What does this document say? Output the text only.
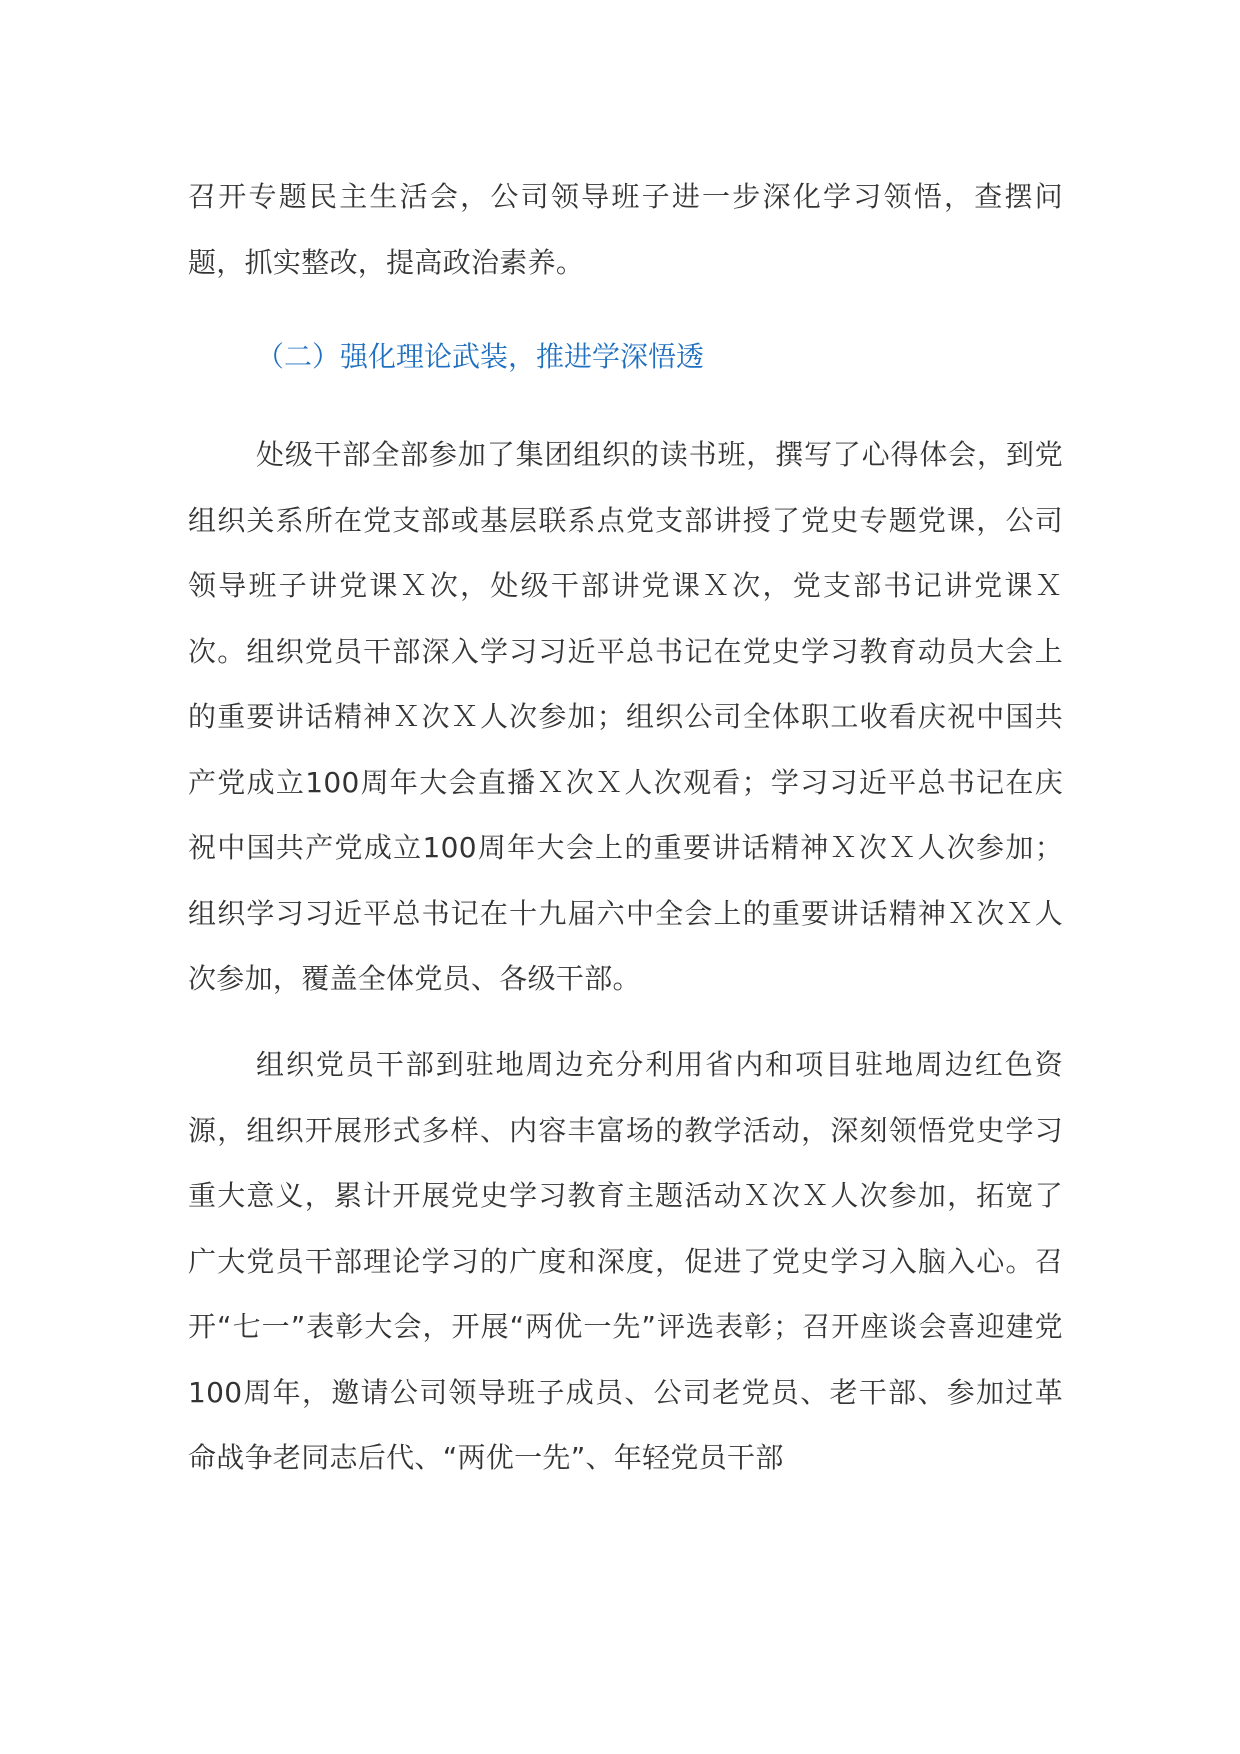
召开专题民主生活会，公司领导班子进一步深化学习领悟，查摆问题，抓实整改，提高政治素养。

（二）强化理论武装，推进学深悟透

处级干部全部参加了集团组织的读书班，撰写了心得体会，到党组织关系所在党支部或基层联系点党支部讲授了党史专题党课，公司领导班子讲党课Ｘ次，处级干部讲党课Ｘ次，党支部书记讲党课Ｘ次。组织党员干部深入学习习近平总书记在党史学习教育动员大会上的重要讲话精神Ｘ次Ｘ人次参加；组织公司全体职工收看庆祝中国共产党成立100周年大会直播Ｘ次Ｘ人次观看；学习习近平总书记在庆祝中国共产党成立100周年大会上的重要讲话精神Ｘ次Ｘ人次参加；组织学习习近平总书记在十九届六中全会上的重要讲话精神Ｘ次Ｘ人次参加，覆盖全体党员、各级干部。

组织党员干部到驻地周边充分利用省内和项目驻地周边红色资源，组织开展形式多样、内容丰富场的教学活动，深刻领悟党史学习重大意义，累计开展党史学习教育主题活动Ｘ次Ｘ人次参加，拓宽了广大党员干部理论学习的广度和深度，促进了党史学习入脑入心。召开“七一”表彰大会，开展“两优一先”评选表彰；召开座谈会喜迎建党100周年，邀请公司领导班子成员、公司老党员、老干部、参加过革命战争老同志后代、“两优一先”、年轻党员干部
